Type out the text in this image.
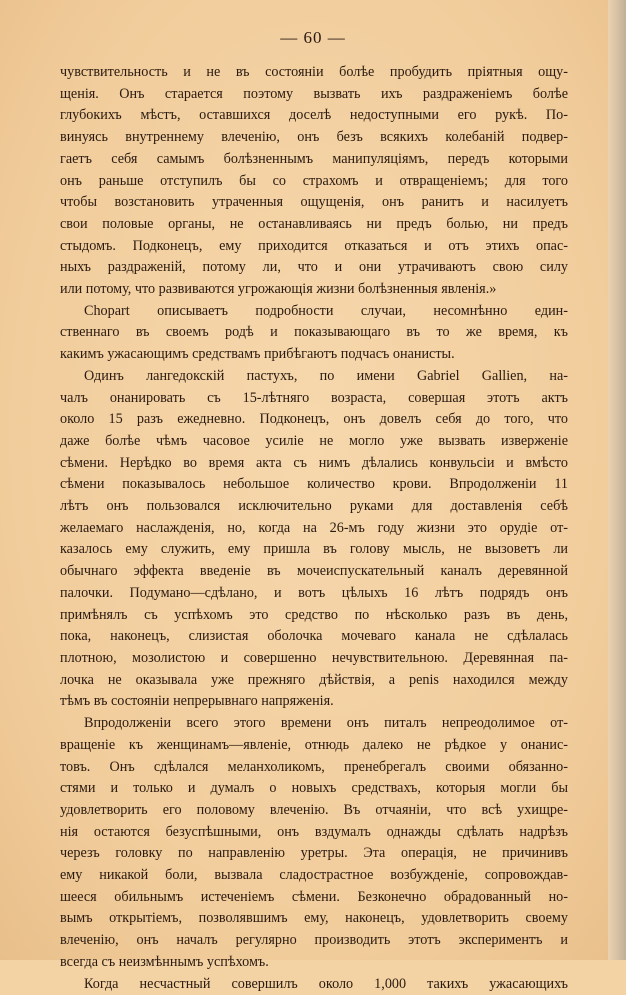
— 60 —
чувствительность и не въ состоянiи болѣе пробудить прiятныя ощу-
щенiя. Онъ старается поэтому вызвать ихъ раздраженiемъ болѣе
глубокихъ мѣстъ, оставшихся доселѣ недоступными его рукѣ. По-
винуясь внутреннему влеченiю, онъ безъ всякихъ колебанiй подвер-
гаетъ себя самымъ болѣзненнымъ манипуляцiямъ, передъ которыми
онъ раньше отступилъ бы со страхомъ и отвращенiемъ; для того
чтобы возстановить утраченныя ощущенiя, онъ ранитъ и насилуетъ
свои половые органы, не останавливаясь ни предъ болью, ни предъ
стыдомъ. Подконецъ, ему приходится отказаться и отъ этихъ опас-
ныхъ раздраженiй, потому ли, что и они утрачиваютъ свою силу
или потому, что развиваются угрожающiя жизни болѣзненныя явленiя.»
Chopart описываетъ подробности случаи, несомнѣнно един-
ственнаго въ своемъ родѣ и показывающаго въ то же время, къ
какимъ ужасающимъ средствамъ прибѣгаютъ подчасъ онанисты.
Одинъ лангедокскiй пастухъ, по имени Gabriel Gallien, на-
чалъ онанировать съ 15-лѣтняго возраста, совершая этотъ актъ
около 15 разъ ежедневно. Подконецъ, онъ довелъ себя до того, что
даже болѣе чѣмъ часовое усилiе не могло уже вызвать изверженiе
сѣмени. Нерѣдко во время акта съ нимъ дѣлались конвульсiи и вмѣсто
сѣмени показывалось небольшое количество крови. Впродолженiи 11
лѣтъ онъ пользовался исключительно руками для доставленiя себѣ
желаемаго наслажденiя, но, когда на 26-мъ году жизни это орудiе от-
казалось ему служить, ему пришла въ голову мысль, не вызоветъ ли
обычнаго эффекта введенiе въ мочеиспускательный каналъ деревянной
палочки. Подумано—сдѣлано, и вотъ цѣлыхъ 16 лѣтъ подрядъ онъ
примѣнялъ съ успѣхомъ это средство по нѣсколько разъ въ день,
пока, наконецъ, слизистая оболочка мочеваго канала не сдѣлалась
плотною, мозолистою и совершенно нечувствительною. Деревянная па-
лочка не оказывала уже прежняго дѣйствiя, а penis находился между
тѣмъ въ состоянiи непрерывнаго напряженiя.
Впродолженiи всего этого времени онъ питалъ непреодолимое от-
вращенiе къ женщинамъ—явленiе, отнюдь далеко не рѣдкое у онанис-
товъ. Онъ сдѣлался меланхоликомъ, пренебрегалъ своими обязанно-
стями и только и думалъ о новыхъ средствахъ, которыя могли бы
удовлетворить его половому влеченiю. Въ отчаянiи, что всѣ ухищре-
нiя остаются безуспѣшными, онъ вздумалъ однажды сдѣлать надрѣзъ
черезъ головку по направленiю уретры. Эта операцiя, не причинивъ
ему никакой боли, вызвала сладострастное возбужденiе, сопровождав-
шееся обильнымъ истеченiемъ сѣмени. Безконечно обрадованный но-
вымъ открытiемъ, позволявшимъ ему, наконецъ, удовлетворить своему
влеченiю, онъ началъ регулярно производить этотъ экспериментъ и
всегда съ неизмѣннымъ успѣхомъ.
Когда несчастный совершилъ около 1,000 такихъ ужасающихъ
